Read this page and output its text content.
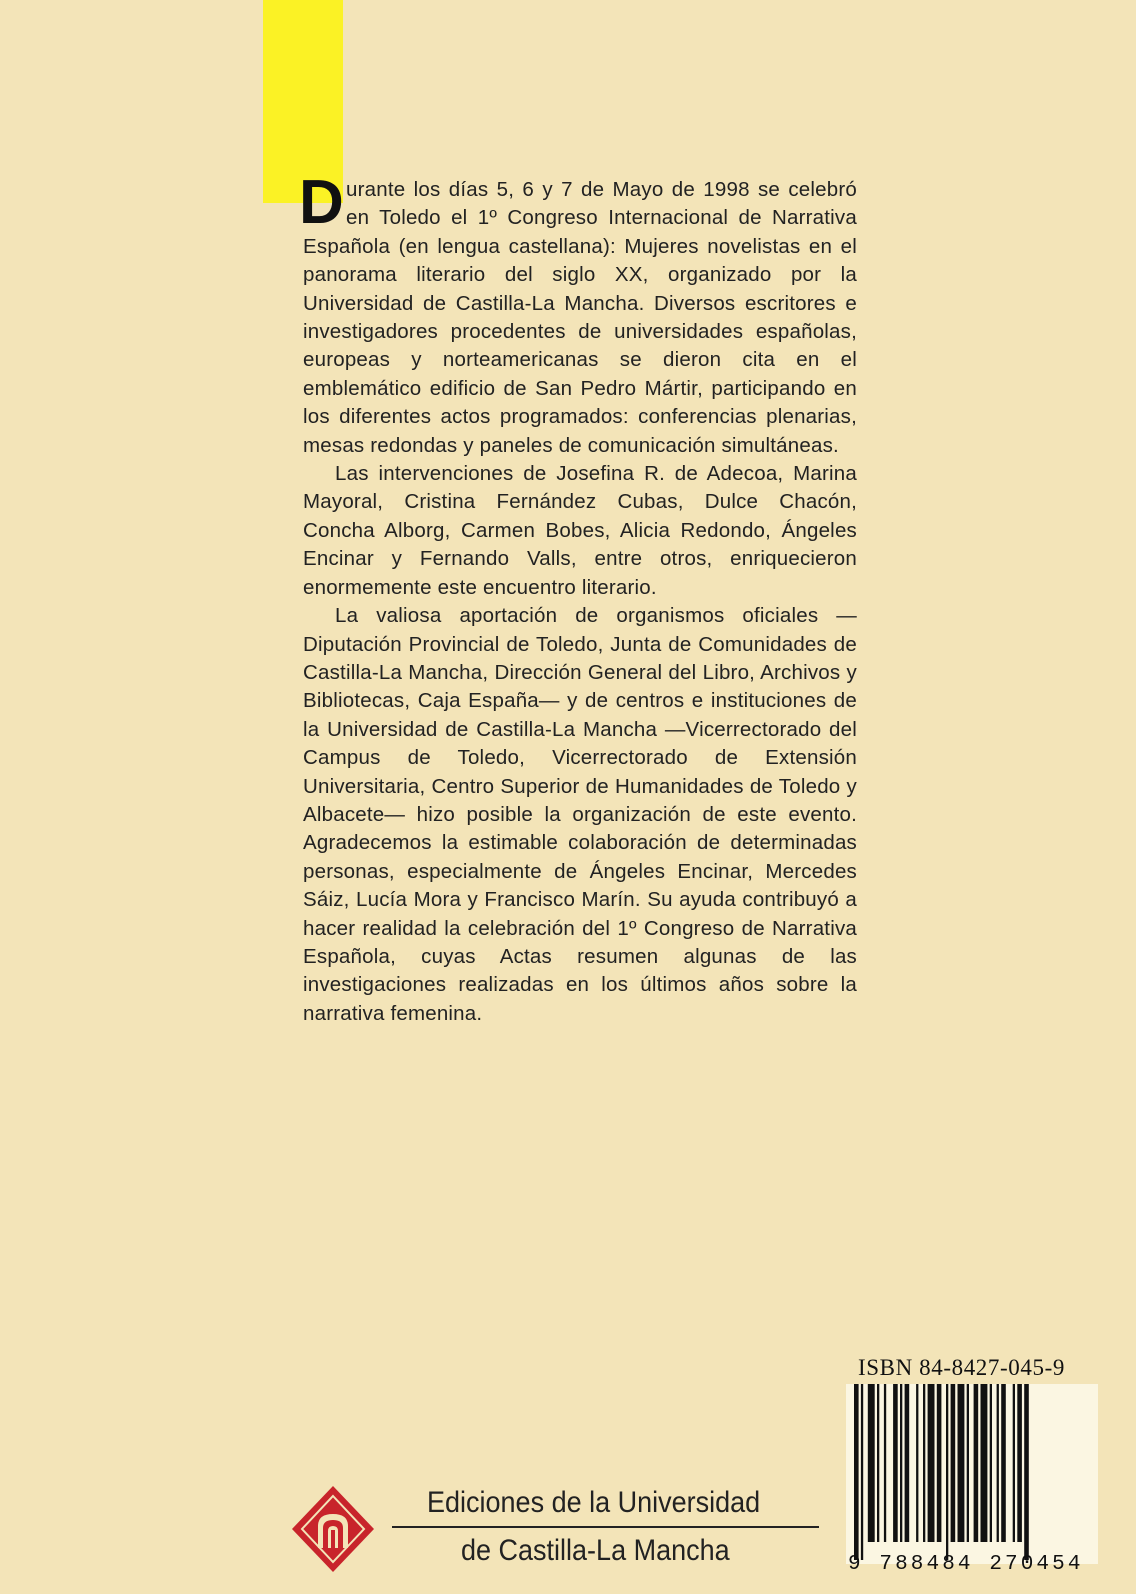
Durante los días 5, 6 y 7 de Mayo de 1998 se celebró en Toledo el 1º Congreso Internacional de Narrativa Española (en lengua castellana): Mujeres novelistas en el panorama literario del siglo XX, organizado por la Universidad de Castilla-La Mancha. Diversos escritores e investigadores procedentes de universidades españolas, europeas y norteamericanas se dieron cita en el emblemático edificio de San Pedro Mártir, participando en los diferentes actos programados: conferencias plenarias, mesas redondas y paneles de comunicación simultáneas.

Las intervenciones de Josefina R. de Adecoa, Marina Mayoral, Cristina Fernández Cubas, Dulce Chacón, Concha Alborg, Carmen Bobes, Alicia Redondo, Ángeles Encinar y Fernando Valls, entre otros, enriquecieron enormemente este encuentro literario.

La valiosa aportación de organismos oficiales —Diputación Provincial de Toledo, Junta de Comunidades de Castilla-La Mancha, Dirección General del Libro, Archivos y Bibliotecas, Caja España— y de centros e instituciones de la Universidad de Castilla-La Mancha —Vicerrectorado del Campus de Toledo, Vicerrectorado de Extensión Universitaria, Centro Superior de Humanidades de Toledo y Albacete— hizo posible la organización de este evento. Agradecemos la estimable colaboración de determinadas personas, especialmente de Ángeles Encinar, Mercedes Sáiz, Lucía Mora y Francisco Marín. Su ayuda contribuyó a hacer realidad la celebración del 1º Congreso de Narrativa Española, cuyas Actas resumen algunas de las investigaciones realizadas en los últimos años sobre la narrativa femenina.

ISBN 84-8427-045-9
9 788484 270454
Ediciones de la Universidad
de Castilla-La Mancha
